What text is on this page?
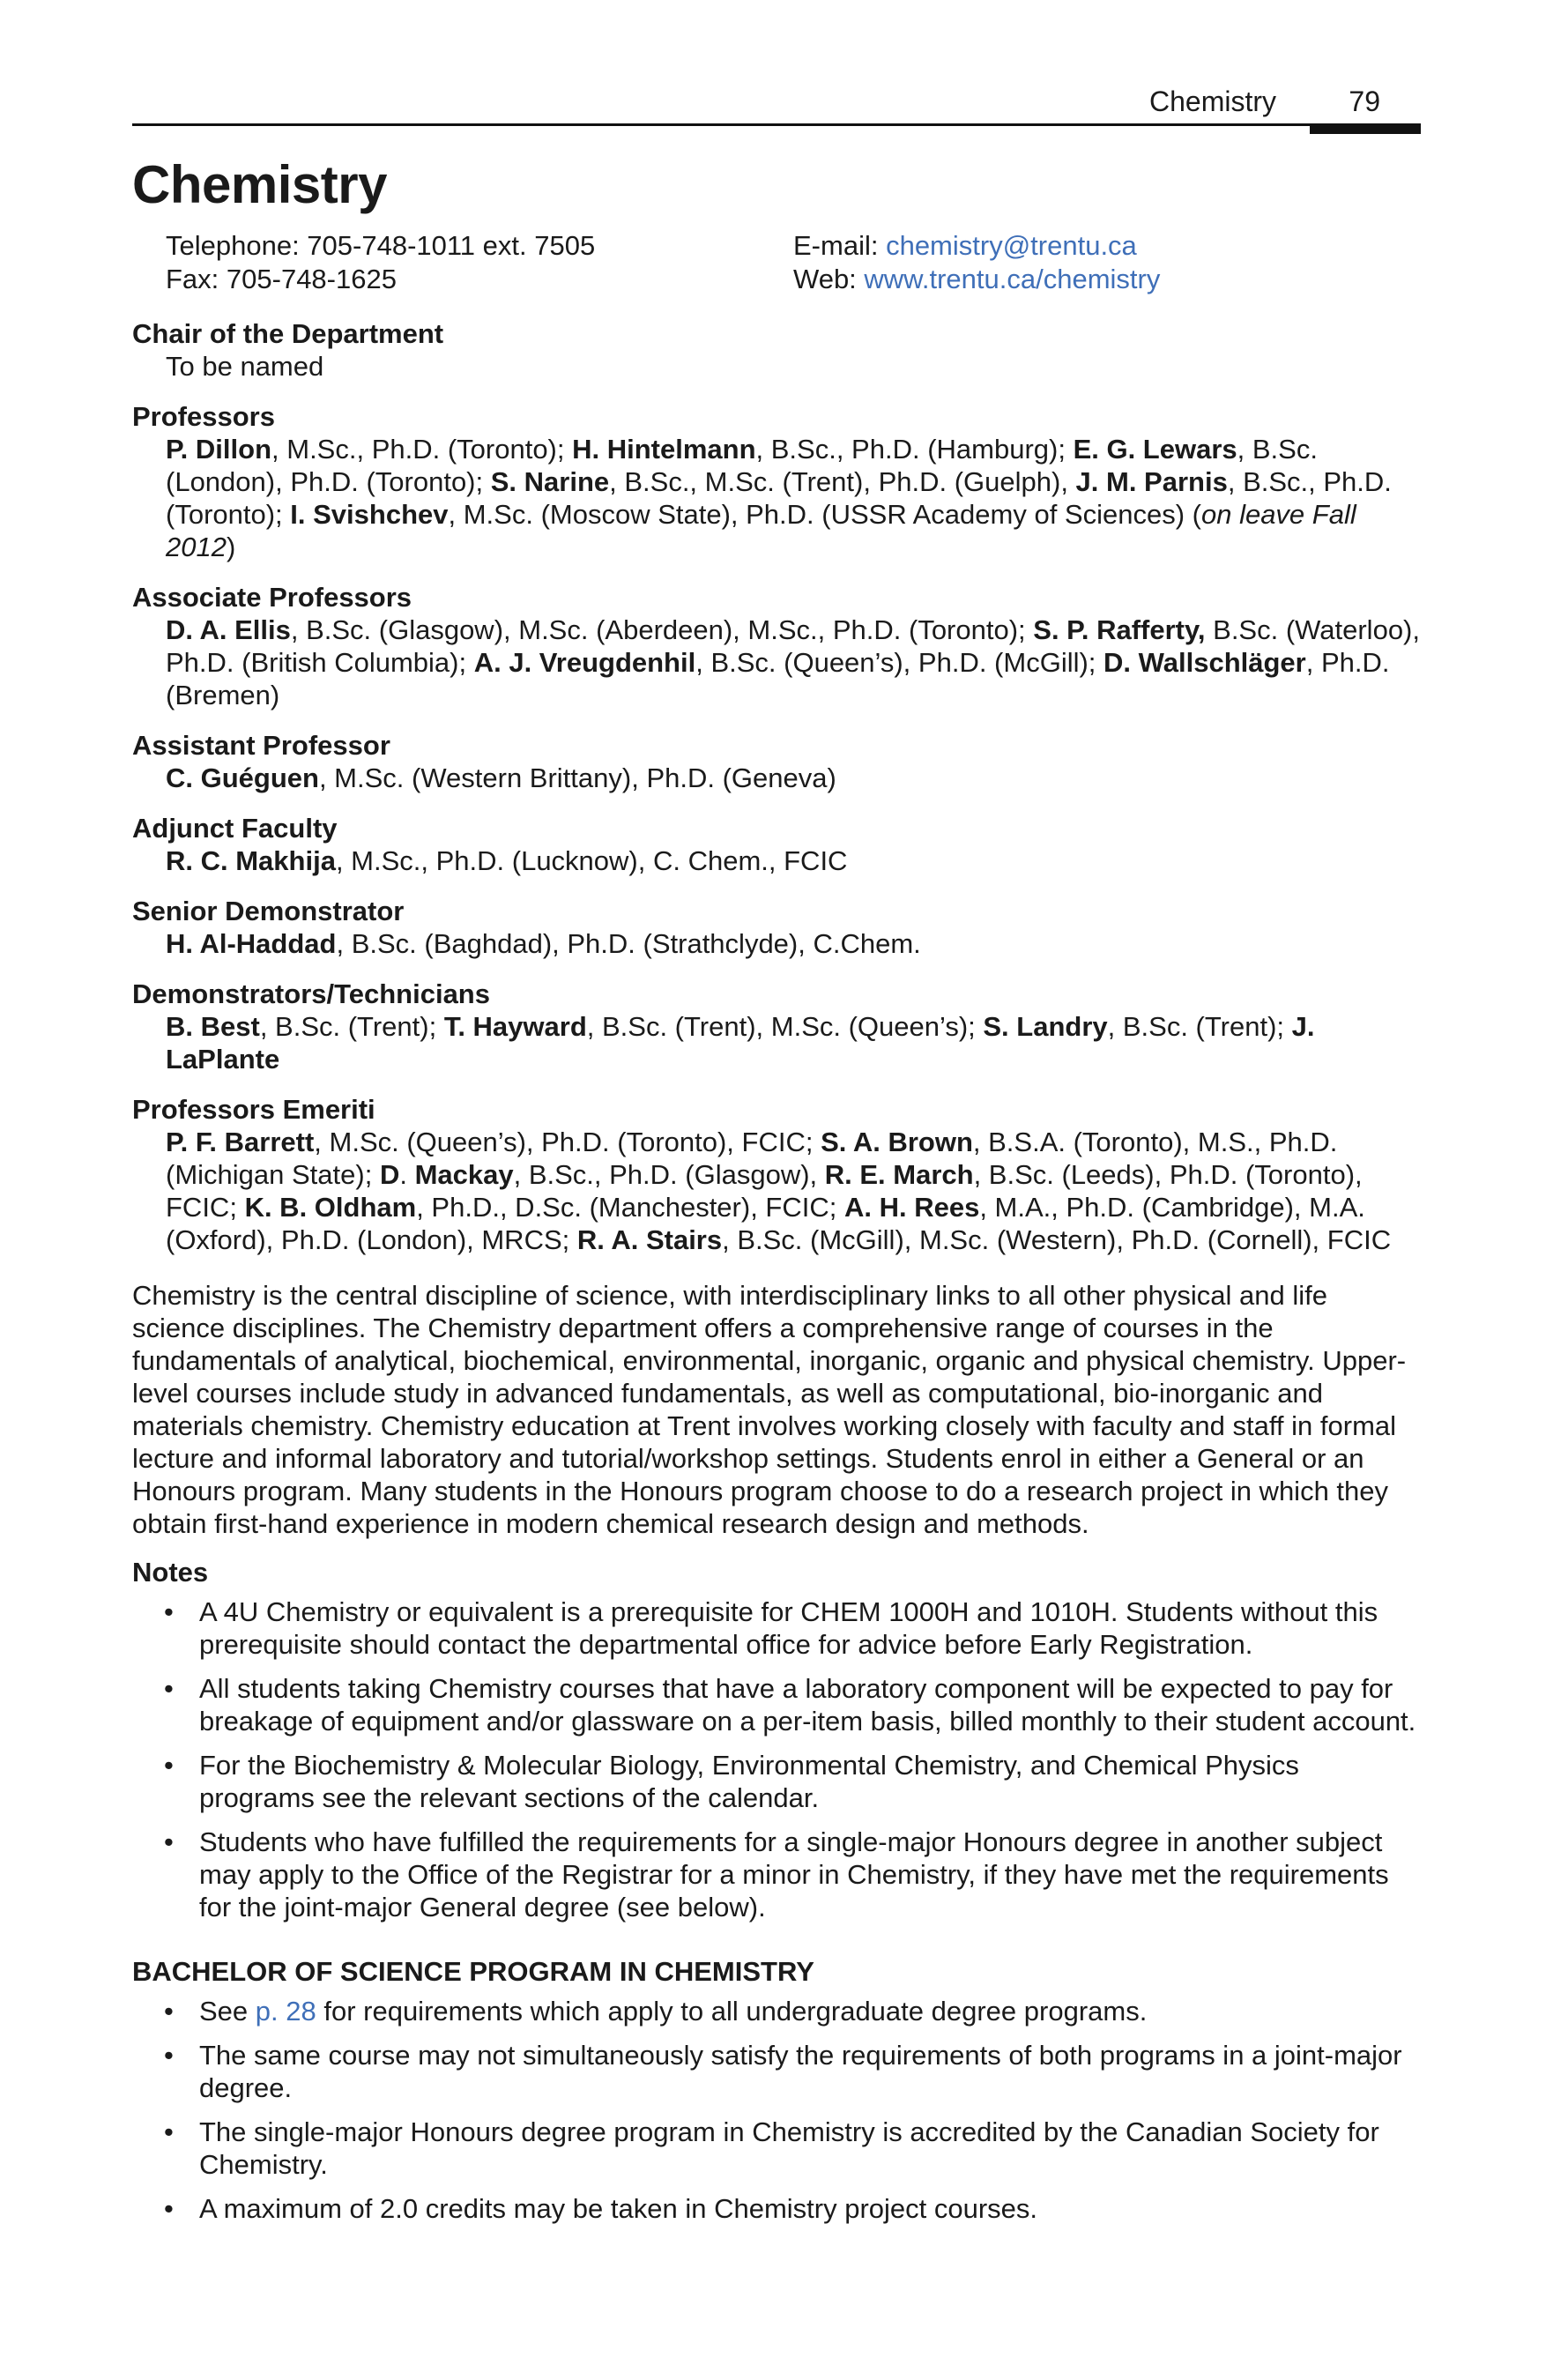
Chemistry	79
Chemistry
Telephone: 705-748-1011 ext. 7505
Fax: 705-748-1625
E-mail: chemistry@trentu.ca
Web: www.trentu.ca/chemistry
Chair of the Department
To be named
Professors
P. Dillon, M.Sc., Ph.D. (Toronto); H. Hintelmann, B.Sc., Ph.D. (Hamburg); E. G. Lewars, B.Sc. (London), Ph.D. (Toronto); S. Narine, B.Sc., M.Sc. (Trent), Ph.D. (Guelph), J. M. Parnis, B.Sc., Ph.D. (Toronto); I. Svishchev, M.Sc. (Moscow State), Ph.D. (USSR Academy of Sciences) (on leave Fall 2012)
Associate Professors
D. A. Ellis, B.Sc. (Glasgow), M.Sc. (Aberdeen), M.Sc., Ph.D. (Toronto); S. P. Rafferty, B.Sc. (Waterloo), Ph.D. (British Columbia); A. J. Vreugdenhil, B.Sc. (Queen’s), Ph.D. (McGill); D. Wallschläger, Ph.D. (Bremen)
Assistant Professor
C. Guéguen, M.Sc. (Western Brittany), Ph.D. (Geneva)
Adjunct Faculty
R. C. Makhija, M.Sc., Ph.D. (Lucknow), C. Chem., FCIC
Senior Demonstrator
H. Al-Haddad, B.Sc. (Baghdad), Ph.D. (Strathclyde), C.Chem.
Demonstrators/Technicians
B. Best, B.Sc. (Trent); T. Hayward, B.Sc. (Trent), M.Sc. (Queen’s); S. Landry, B.Sc. (Trent); J. LaPlante
Professors Emeriti
P. F. Barrett, M.Sc. (Queen’s), Ph.D. (Toronto), FCIC; S. A. Brown, B.S.A. (Toronto), M.S., Ph.D. (Michigan State); D. Mackay, B.Sc., Ph.D. (Glasgow), R. E. March, B.Sc. (Leeds), Ph.D. (Toronto), FCIC; K. B. Oldham, Ph.D., D.Sc. (Manchester), FCIC; A. H. Rees, M.A., Ph.D. (Cambridge), M.A. (Oxford), Ph.D. (London), MRCS; R. A. Stairs, B.Sc. (McGill), M.Sc. (Western), Ph.D. (Cornell), FCIC

Chemistry is the central discipline of science, with interdisciplinary links to all other physical and life science disciplines. The Chemistry department offers a comprehensive range of courses in the fundamentals of analytical, biochemical, environmental, inorganic, organic and physical chemistry. Upper-level courses include study in advanced fundamentals, as well as computational, bio-inorganic and materials chemistry. Chemistry education at Trent involves working closely with faculty and staff in formal lecture and informal laboratory and tutorial/workshop settings. Students enrol in either a General or an Honours program. Many students in the Honours program choose to do a research project in which they obtain first-hand experience in modern chemical research design and methods.

Notes
• A 4U Chemistry or equivalent is a prerequisite for CHEM 1000H and 1010H. Students without this prerequisite should contact the departmental office for advice before Early Registration.
• All students taking Chemistry courses that have a laboratory component will be expected to pay for breakage of equipment and/or glassware on a per-item basis, billed monthly to their student account.
• For the Biochemistry & Molecular Biology, Environmental Chemistry, and Chemical Physics programs see the relevant sections of the calendar.
• Students who have fulfilled the requirements for a single-major Honours degree in another subject may apply to the Office of the Registrar for a minor in Chemistry, if they have met the requirements for the joint-major General degree (see below).
BACHELOR OF SCIENCE PROGRAM IN CHEMISTRY
• See p. 28 for requirements which apply to all undergraduate degree programs.
• The same course may not simultaneously satisfy the requirements of both programs in a joint-major degree.
• The single-major Honours degree program in Chemistry is accredited by the Canadian Society for Chemistry.
• A maximum of 2.0 credits may be taken in Chemistry project courses.
